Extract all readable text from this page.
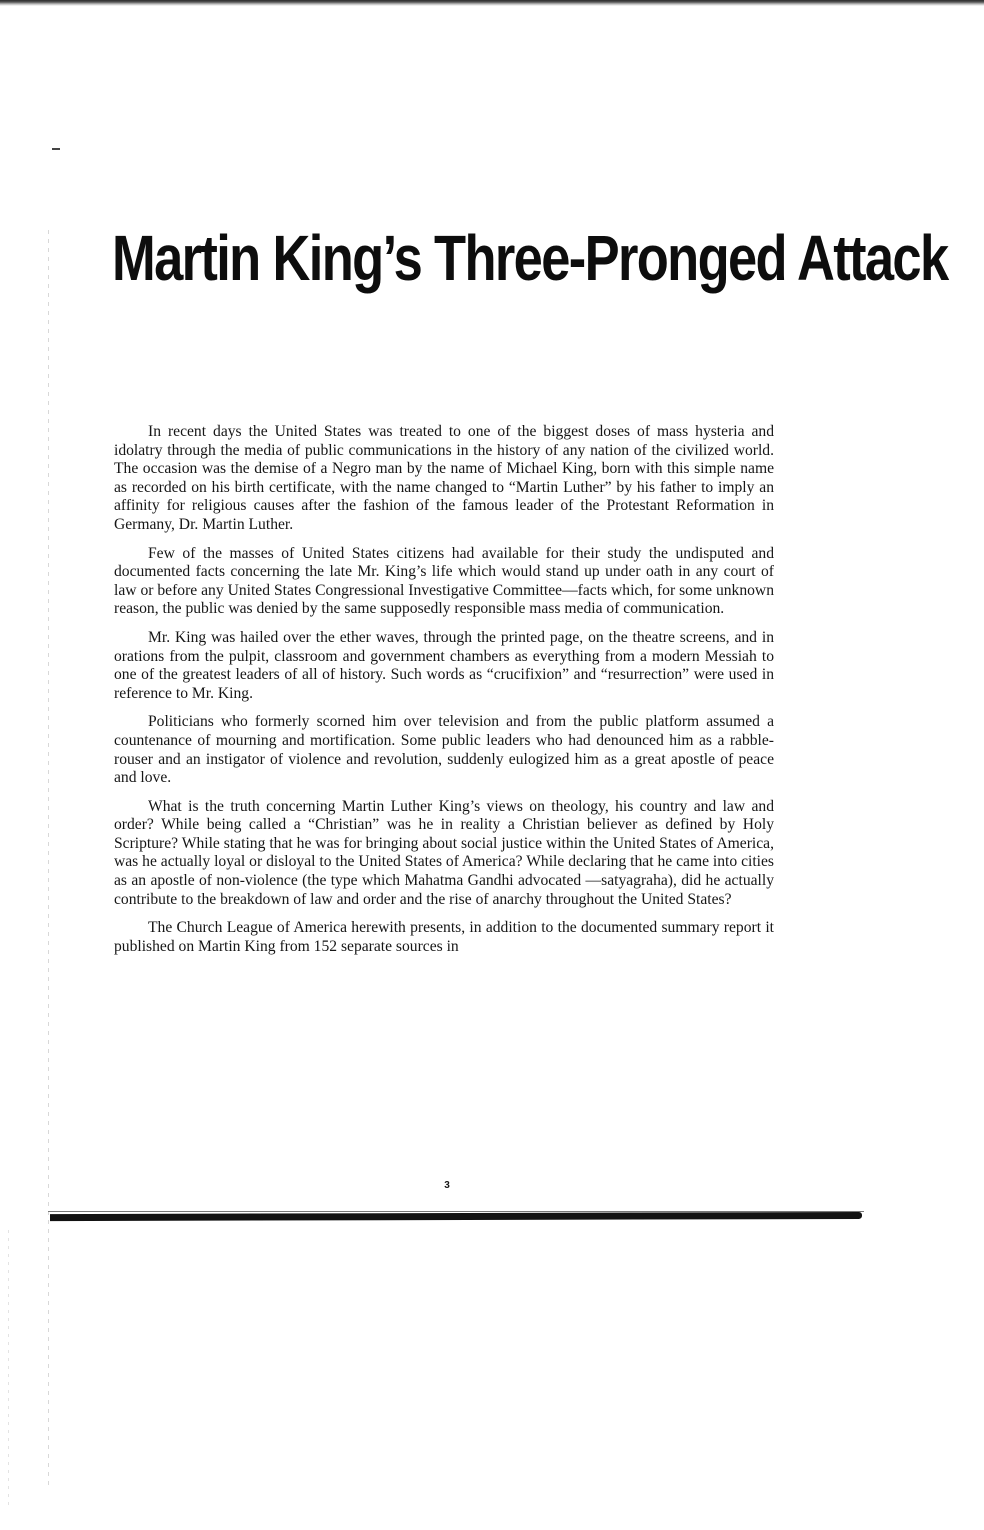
Martin King’s Three-Pronged Attack

In recent days the United States was treated to one of the biggest doses of mass hysteria and idolatry through the media of public communications in the history of any nation of the civilized world. The occasion was the demise of a Negro man by the name of Michael King, born with this simple name as recorded on his birth certificate, with the name changed to “Martin Luther” by his father to imply an affinity for religious causes after the fashion of the famous leader of the Protestant Reformation in Germany, Dr. Martin Luther.

Few of the masses of United States citizens had available for their study the undisputed and documented facts concerning the late Mr. King’s life which would stand up under oath in any court of law or before any United States Congressional Investigative Committee—facts which, for some unknown reason, the public was denied by the same supposedly responsible mass media of communication.

Mr. King was hailed over the ether waves, through the printed page, on the theatre screens, and in orations from the pulpit, classroom and government chambers as everything from a modern Messiah to one of the greatest leaders of all of history. Such words as “crucifixion” and “resurrection” were used in reference to Mr. King.

Politicians who formerly scorned him over television and from the public platform assumed a countenance of mourning and mortification. Some public leaders who had denounced him as a rabble-rouser and an instigator of violence and revolution, suddenly eulogized him as a great apostle of peace and love.

What is the truth concerning Martin Luther King’s views on theology, his country and law and order? While being called a “Christian” was he in reality a Christian believer as defined by Holy Scripture? While stating that he was for bringing about social justice within the United States of America, was he actually loyal or disloyal to the United States of America? While declaring that he came into cities as an apostle of non-violence (the type which Mahatma Gandhi advocated —satyagraha), did he actually contribute to the breakdown of law and order and the rise of anarchy throughout the United States?

The Church League of America herewith presents, in addition to the documented summary report it published on Martin King from 152 separate sources in

3
